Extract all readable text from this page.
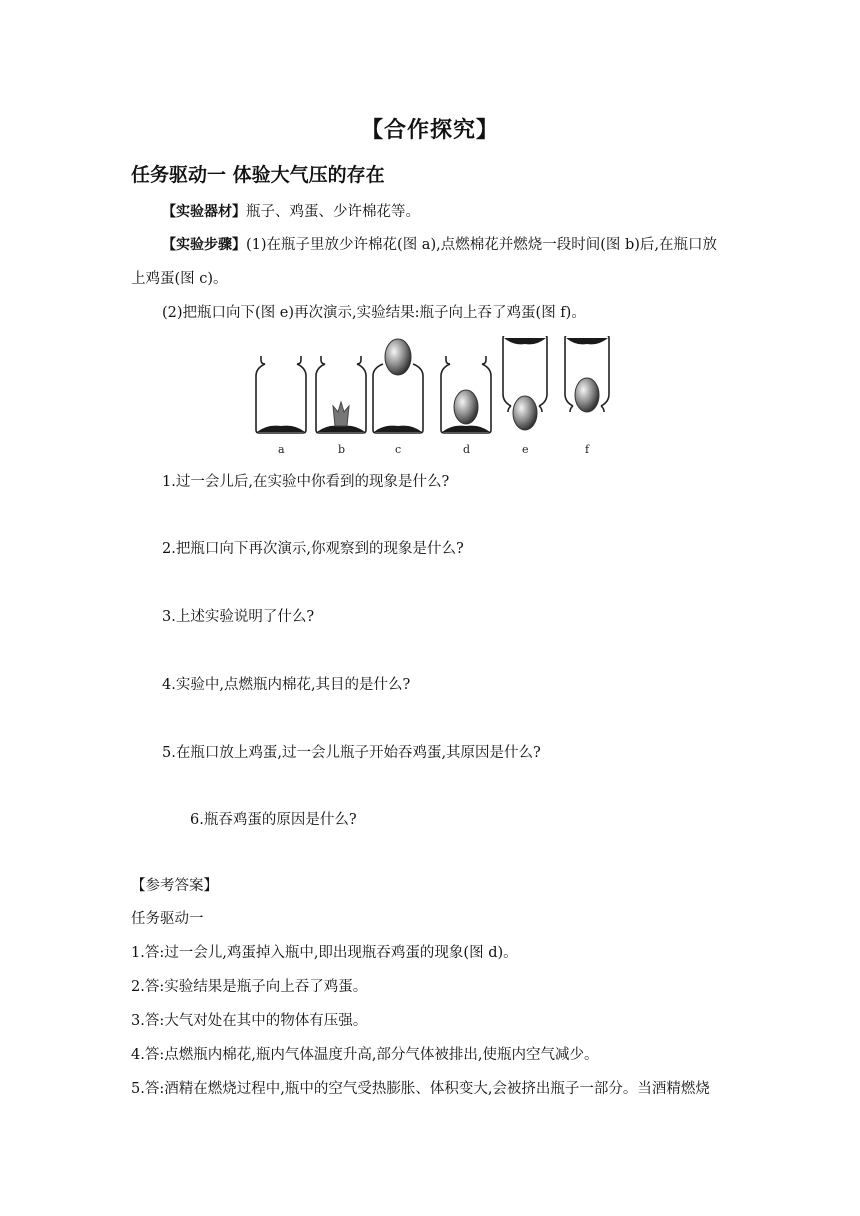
【合作探究】
任务驱动一 体验大气压的存在
【实验器材】瓶子、鸡蛋、少许棉花等。
【实验步骤】(1)在瓶子里放少许棉花(图 a),点燃棉花并燃烧一段时间(图 b)后,在瓶口放
上鸡蛋(图 c)。
(2)把瓶口向下(图 e)再次演示,实验结果:瓶子向上吞了鸡蛋(图 f)。
a	b	c	d	e	f
1.过一会儿后,在实验中你看到的现象是什么?
2.把瓶口向下再次演示,你观察到的现象是什么?
3.上述实验说明了什么?
4.实验中,点燃瓶内棉花,其目的是什么?
5.在瓶口放上鸡蛋,过一会儿瓶子开始吞鸡蛋,其原因是什么?
6.瓶吞鸡蛋的原因是什么?
【参考答案】
任务驱动一
1.答:过一会儿,鸡蛋掉入瓶中,即出现瓶吞鸡蛋的现象(图 d)。
2.答:实验结果是瓶子向上吞了鸡蛋。
3.答:大气对处在其中的物体有压强。
4.答:点燃瓶内棉花,瓶内气体温度升高,部分气体被排出,使瓶内空气减少。
5.答:酒精在燃烧过程中,瓶中的空气受热膨胀、体积变大,会被挤出瓶子一部分。当酒精燃烧
